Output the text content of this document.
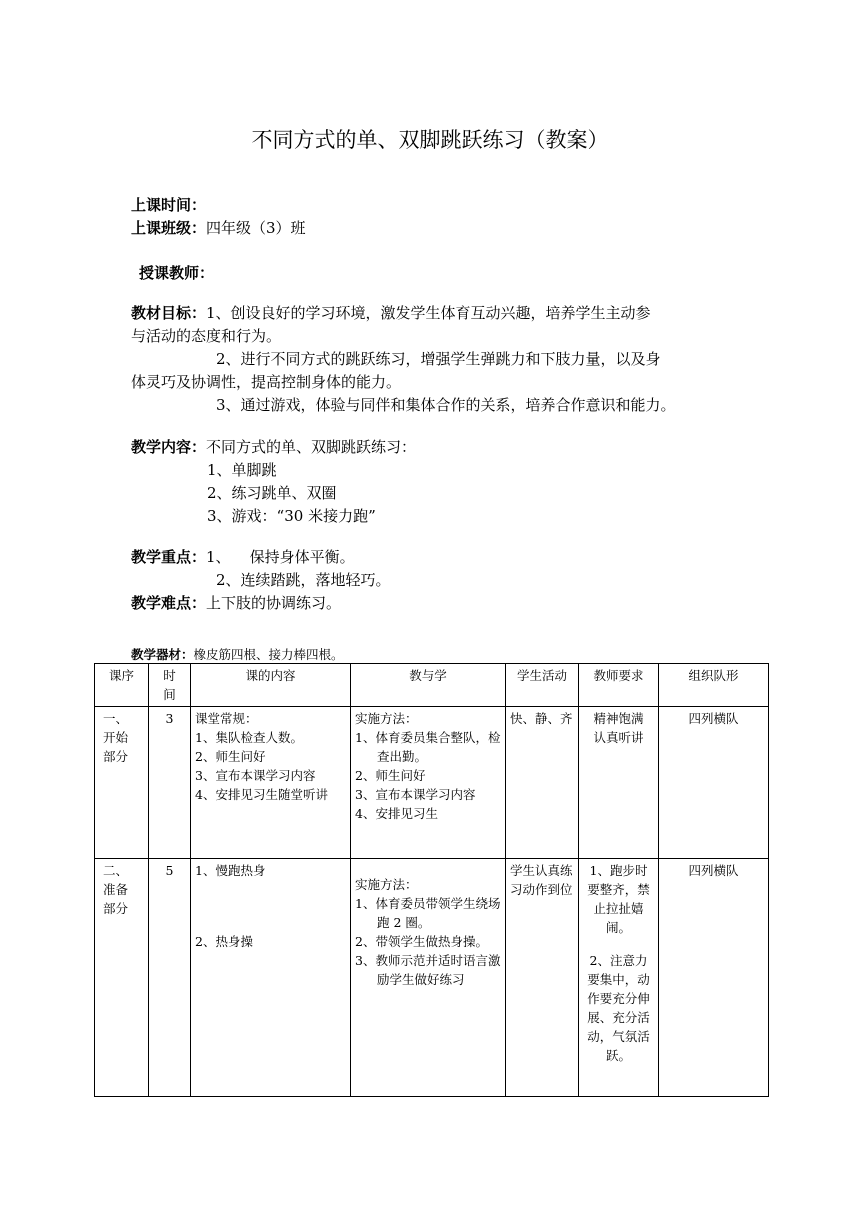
不同方式的单、双脚跳跃练习（教案）
上课时间：
上课班级：四年级（3）班
授课教师：
教材目标：1、创设良好的学习环境，激发学生体育互动兴趣，培养学生主动参
与活动的态度和行为。
2、进行不同方式的跳跃练习，增强学生弹跳力和下肢力量，以及身
体灵巧及协调性，提高控制身体的能力。
3、通过游戏，体验与同伴和集体合作的关系，培养合作意识和能力。
教学内容：不同方式的单、双脚跳跃练习：
1、单脚跳
2、练习跳单、双圈
3、游戏：“30 米接力跑”
教学重点：1、    保持身体平衡。
2、连续踏跳，落地轻巧。
教学难点：上下肢的协调练习。
教学器材：橡皮筋四根、接力棒四根。
课序	时间	课的内容	教与学	学生活动	教师要求	组织队形
一、开始部分	3	课堂常规：
1、集队检查人数。
2、师生问好
3、宣布本课学习内容
4、安排见习生随堂听讲	实施方法：
1、体育委员集合整队，检查出勤。
2、师生问好
3、宣布本课学习内容
4、安排见习生	快、静、齐	精神饱满认真听讲	四列横队
二、准备部分	5	1、慢跑热身
2、热身操	实施方法：
1、体育委员带领学生绕场跑 2 圈。
2、带领学生做热身操。
3、教师示范并适时语言激励学生做好练习	学生认真练习动作到位	1、跑步时要整齐，禁止拉扯嬉闹。
2、注意力要集中，动作要充分伸展、充分活动，气氛活跃。	四列横队
